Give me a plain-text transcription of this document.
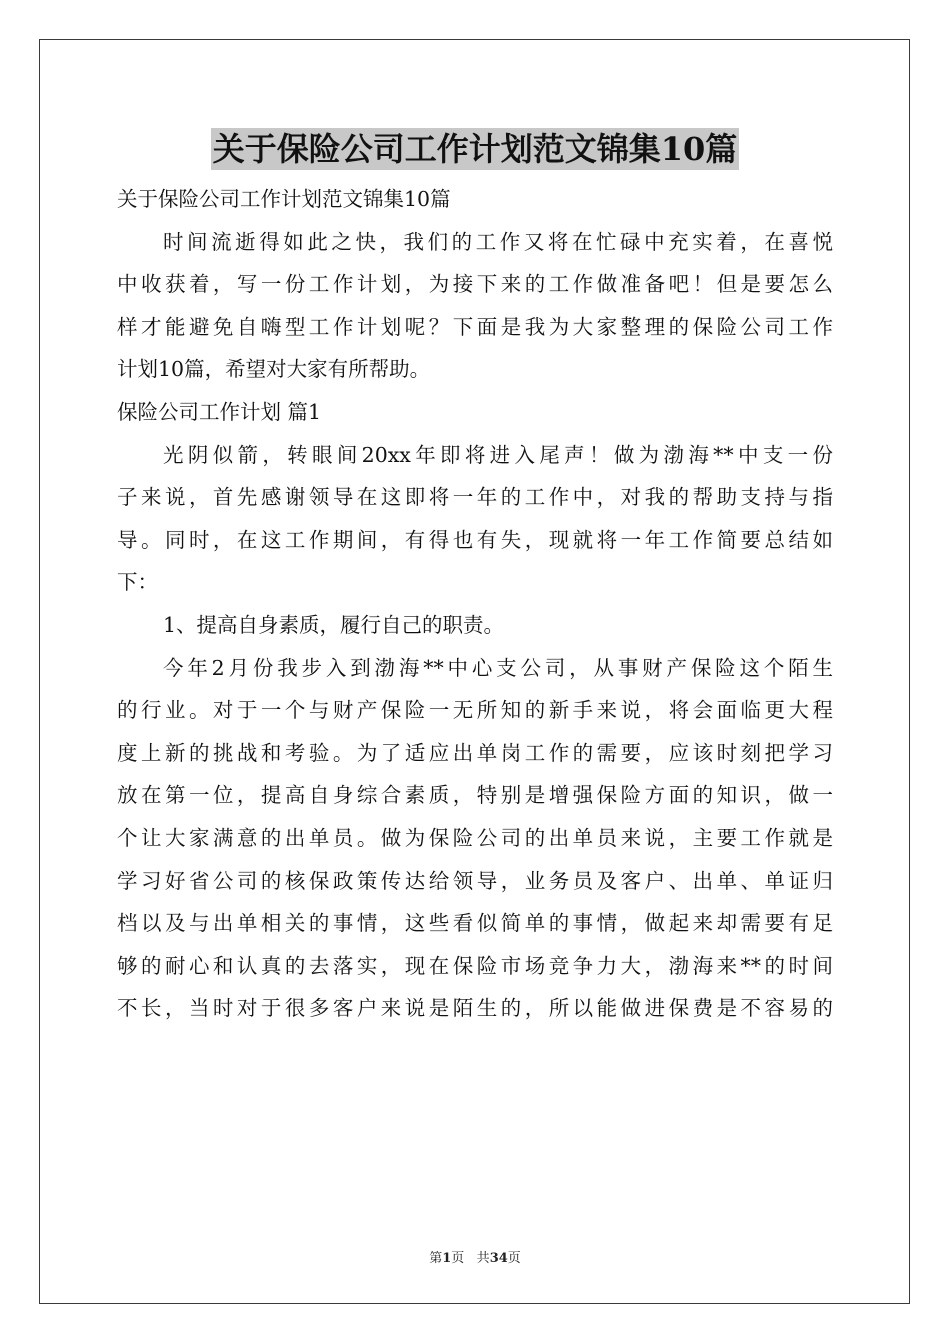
关于保险公司工作计划范文锦集10篇
关于保险公司工作计划范文锦集10篇
时间流逝得如此之快，我们的工作又将在忙碌中充实着，在喜悦
中收获着，写一份工作计划，为接下来的工作做准备吧！但是要怎么
样才能避免自嗨型工作计划呢？下面是我为大家整理的保险公司工作
计划10篇，希望对大家有所帮助。
保险公司工作计划 篇1
光阴似箭，转眼间20xx年即将进入尾声！做为渤海**中支一份
子来说，首先感谢领导在这即将一年的工作中，对我的帮助支持与指
导。同时，在这工作期间，有得也有失，现就将一年工作简要总结如
下：
1、提高自身素质，履行自己的职责。
今年2月份我步入到渤海**中心支公司，从事财产保险这个陌生
的行业。对于一个与财产保险一无所知的新手来说，将会面临更大程
度上新的挑战和考验。为了适应出单岗工作的需要，应该时刻把学习
放在第一位，提高自身综合素质，特别是增强保险方面的知识，做一
个让大家满意的出单员。做为保险公司的出单员来说，主要工作就是
学习好省公司的核保政策传达给领导，业务员及客户、出单、单证归
档以及与出单相关的事情，这些看似简单的事情，做起来却需要有足
够的耐心和认真的去落实，现在保险市场竞争力大，渤海来**的时间
不长，当时对于很多客户来说是陌生的，所以能做进保费是不容易的
第1页 共34页
